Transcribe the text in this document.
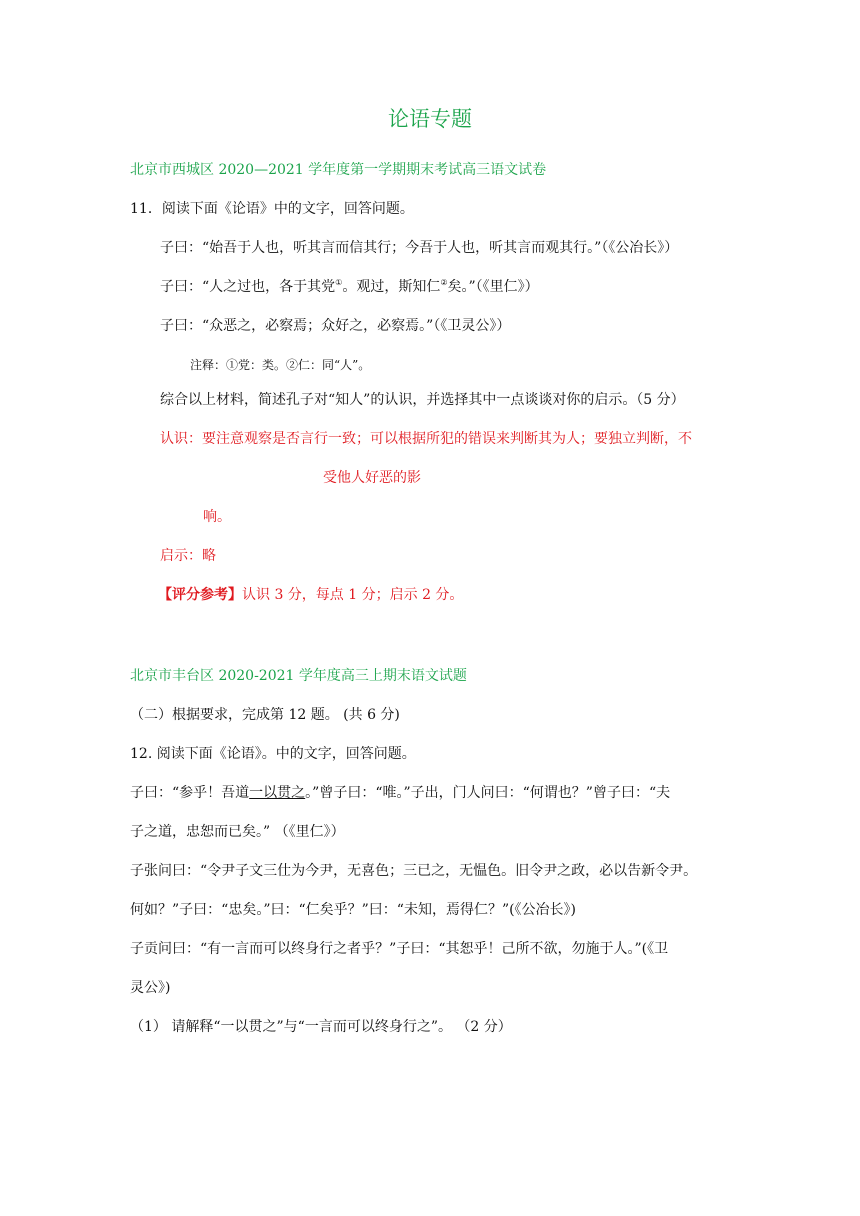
论语专题
北京市西城区 2020—2021 学年度第一学期期末考试高三语文试卷
11．阅读下面《论语》中的文字，回答问题。
子曰：“始吾于人也，听其言而信其行；今吾于人也，听其言而观其行。”（《公冶长》）
子曰：“人之过也，各于其党①。观过，斯知仁②矣。”（《里仁》）
子曰：“众恶之，必察焉；众好之，必察焉。”（《卫灵公》）
注释：①党：类。②仁：同“人”。
综合以上材料，简述孔子对“知人”的认识，并选择其中一点谈谈对你的启示。（5 分）
认识：要注意观察是否言行一致；可以根据所犯的错误来判断其为人；要独立判断，不
受他人好恶的影
响。
启示：略
【评分参考】认识 3 分，每点 1 分；启示 2 分。
北京市丰台区 2020-2021 学年度高三上期末语文试题
（二）根据要求，完成第 12 题。 (共 6 分)
12. 阅读下面《论语》。中的文字，回答问题。
子曰：“参乎！吾道一以贯之。”曾子曰：“唯。”子出，门人问曰：“何谓也？”曾子曰：“夫
子之道，忠恕而已矣。” （《里仁》）
子张问曰：“令尹子文三仕为今尹，无喜色；三已之，无愠色。旧令尹之政，必以告新令尹。
何如？”子曰：“忠矣。”曰：“仁矣乎？”曰：“未知，焉得仁？”(《公冶长》)
子贡问曰：“有一言而可以终身行之者乎？”子曰：“其恕乎！己所不欲，勿施于人。”(《卫
灵公》)
（1） 请解释“一以贯之”与“一言而可以终身行之”。 （2 分）
